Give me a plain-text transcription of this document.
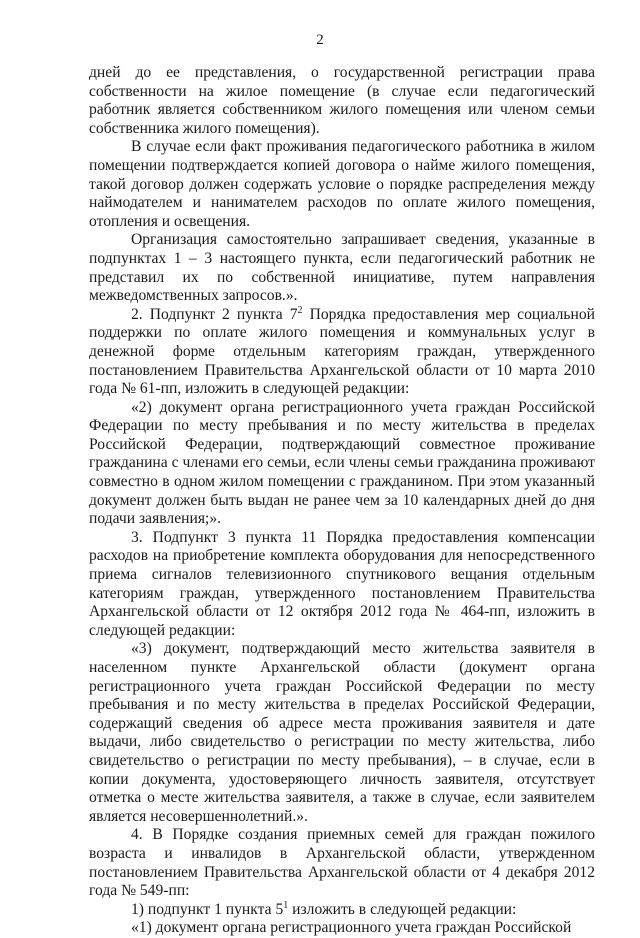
2

дней до ее представления, о государственной регистрации права собственности на жилое помещение (в случае если педагогический работник является собственником жилого помещения или членом семьи собственника жилого помещения).

В случае если факт проживания педагогического работника в жилом помещении подтверждается копией договора о найме жилого помещения, такой договор должен содержать условие о порядке распределения между наймодателем и нанимателем расходов по оплате жилого помещения, отопления и освещения.

Организация самостоятельно запрашивает сведения, указанные в подпунктах 1 – 3 настоящего пункта, если педагогический работник не представил их по собственной инициативе, путем направления межведомственных запросов.».

2. Подпункт 2 пункта $7^2$ Порядка предоставления мер социальной поддержки по оплате жилого помещения и коммунальных услуг в денежной форме отдельным категориям граждан, утвержденного постановлением Правительства Архангельской области от 10 марта 2010 года № 61-пп, изложить в следующей редакции:

«2) документ органа регистрационного учета граждан Российской Федерации по месту пребывания и по месту жительства в пределах Российской Федерации, подтверждающий совместное проживание гражданина с членами его семьи, если члены семьи гражданина проживают совместно в одном жилом помещении с гражданином. При этом указанный документ должен быть выдан не ранее чем за 10 календарных дней до дня подачи заявления;».

3. Подпункт 3 пункта 11 Порядка предоставления компенсации расходов на приобретение комплекта оборудования для непосредственного приема сигналов телевизионного спутникового вещания отдельным категориям граждан, утвержденного постановлением Правительства Архангельской области от 12 октября 2012 года № 464-пп, изложить в следующей редакции:

«3) документ, подтверждающий место жительства заявителя в населенном пункте Архангельской области (документ органа регистрационного учета граждан Российской Федерации по месту пребывания и по месту жительства в пределах Российской Федерации, содержащий сведения об адресе места проживания заявителя и дате выдачи, либо свидетельство о регистрации по месту жительства, либо свидетельство о регистрации по месту пребывания), – в случае, если в копии документа, удостоверяющего личность заявителя, отсутствует отметка о месте жительства заявителя, а также в случае, если заявителем является несовершеннолетний.».

4. В Порядке создания приемных семей для граждан пожилого возраста и инвалидов в Архангельской области, утвержденном постановлением Правительства Архангельской области от 4 декабря 2012 года № 549-пп:

1) подпункт 1 пункта $5^1$ изложить в следующей редакции:

«1) документ органа регистрационного учета граждан Российской
